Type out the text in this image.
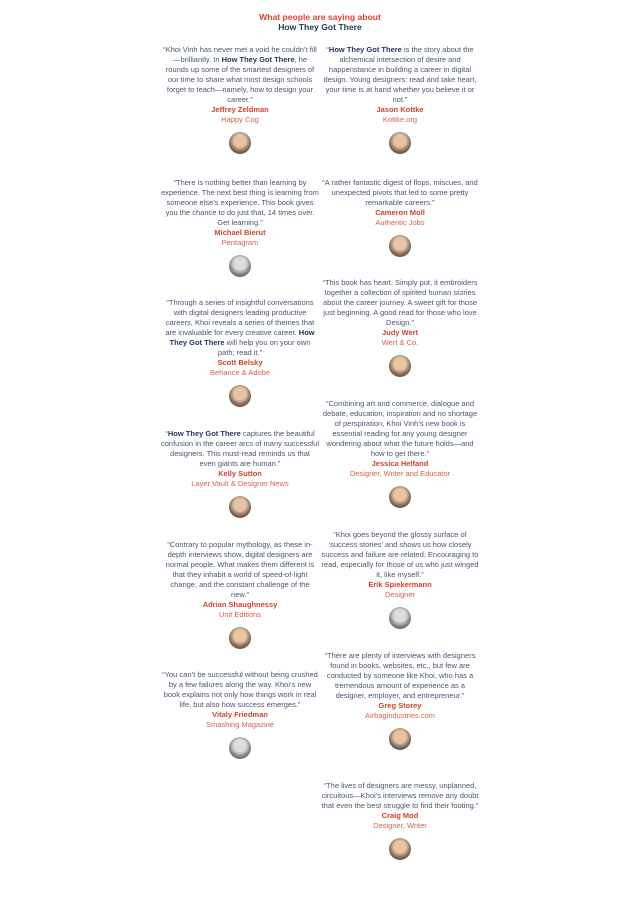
What people are saying about
How They Got There
“Khoi Vinh has never met a void he couldn’t fill—brilliantly. In How They Got There, he rounds up some of the smartest designers of our time to share what most design schools forget to teach—namely, how to design your career.”
Jeffrey Zeldman
Happy Cog
“How They Got There is the story about the alchemical intersection of desire and happenstance in building a career in digital design. Young designers: read and take heart, your time is at hand whether you believe it or not.”
Jason Kottke
Kottke.org
“There is nothing better than learning by experience. The next best thing is learning from someone else’s experience. This book gives you the chance to do just that, 14 times over. Get learning.”
Michael Bierut
Pentagram
“A rather fantastic digest of flops, miscues, and unexpected pivots that led to some pretty remarkable careers.”
Cameron Moll
Authentic Jobs
“This book has heart. Simply put, it embroiders together a collection of spirited human stories about the career journey. A sweet gift for those just beginning. A good read for those who love Design.”
Judy Wert
Wert & Co.
“Through a series of insightful conversations with digital designers leading productive careers, Khoi reveals a series of themes that are invaluable for every creative career. How They Got There will help you on your own path; read it.”
Scott Belsky
Behance & Adobe
“Combining art and commerce, dialogue and debate, education, inspiration and no shortage of perspiration, Khoi Vinh’s new book is essential reading for any young designer wondering about what the future holds—and how to get there.”
Jessica Helfand
Designer, Writer and Educator
“How They Got There captures the beautiful confusion in the career arcs of many successful designers. This must-read reminds us that even giants are human.”
Kelly Sutton
Layer Vault & Designer News
“Khoi goes beyond the glossy surface of ‘success stories’ and shows us how closely success and failure are related. Encouraging to read, especially for those of us who just winged it, like myself.”
Erik Spiekermann
Designer
“Contrary to popular mythology, as these in-depth interviews show, digital designers are normal people. What makes them different is that they inhabit a world of speed-of-light change, and the constant challenge of the new.”
Adrian Shaughnessy
Unit Editions
“There are plenty of interviews with designers found in books, websites, etc., but few are conducted by someone like Khoi, who has a tremendous amount of experience as a designer, employer, and entrepreneur.”
Greg Storey
Airbagindustries.com
“You can’t be successful without being crushed by a few failures along the way. Khoi’s new book explains not only how things work in real life, but also how success emerges.”
Vitaly Friedman
Smashing Magazine
“The lives of designers are messy, unplanned, circuitous—Khoi’s interviews remove any doubt that even the best struggle to find their footing.”
Craig Mod
Designer, Writer
